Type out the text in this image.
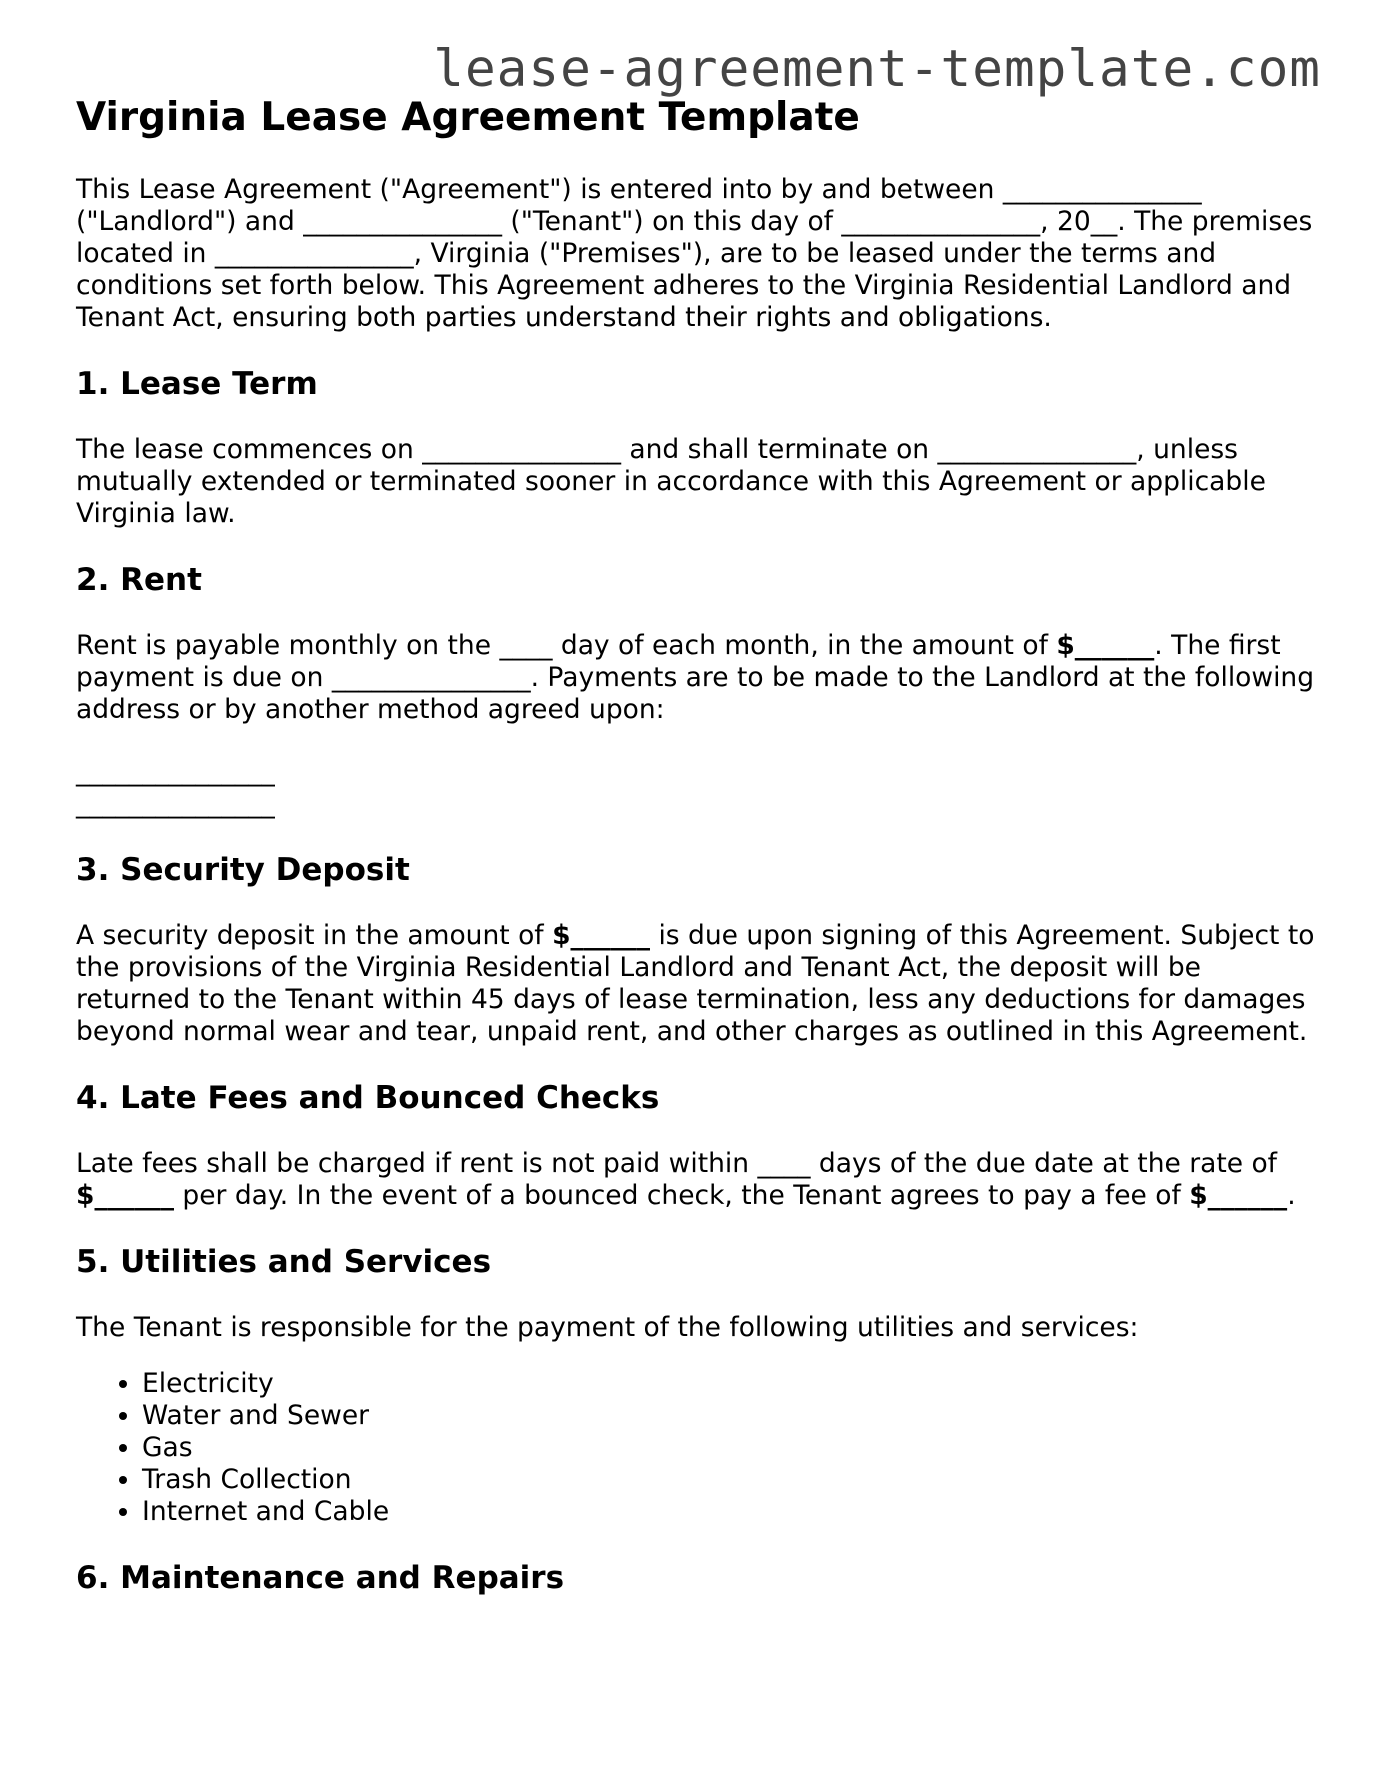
lease-agreement-template.com
Virginia Lease Agreement Template

This Lease Agreement ("Agreement") is entered into by and between _______________ ("Landlord") and _______________ ("Tenant") on this day of _______________, 20__. The premises located in _______________, Virginia ("Premises"), are to be leased under the terms and conditions set forth below. This Agreement adheres to the Virginia Residential Landlord and Tenant Act, ensuring both parties understand their rights and obligations.

1. Lease Term

The lease commences on _______________ and shall terminate on _______________, unless mutually extended or terminated sooner in accordance with this Agreement or applicable Virginia law.

2. Rent

Rent is payable monthly on the ____ day of each month, in the amount of $______. The first payment is due on _______________. Payments are to be made to the Landlord at the following address or by another method agreed upon:

_______________
_______________
3. Security Deposit

A security deposit in the amount of $______ is due upon signing of this Agreement. Subject to the provisions of the Virginia Residential Landlord and Tenant Act, the deposit will be returned to the Tenant within 45 days of lease termination, less any deductions for damages beyond normal wear and tear, unpaid rent, and other charges as outlined in this Agreement.

4. Late Fees and Bounced Checks

Late fees shall be charged if rent is not paid within ____ days of the due date at the rate of $______ per day. In the event of a bounced check, the Tenant agrees to pay a fee of $______.

5. Utilities and Services

The Tenant is responsible for the payment of the following utilities and services:

• Electricity
• Water and Sewer
• Gas
• Trash Collection
• Internet and Cable
6. Maintenance and Repairs
